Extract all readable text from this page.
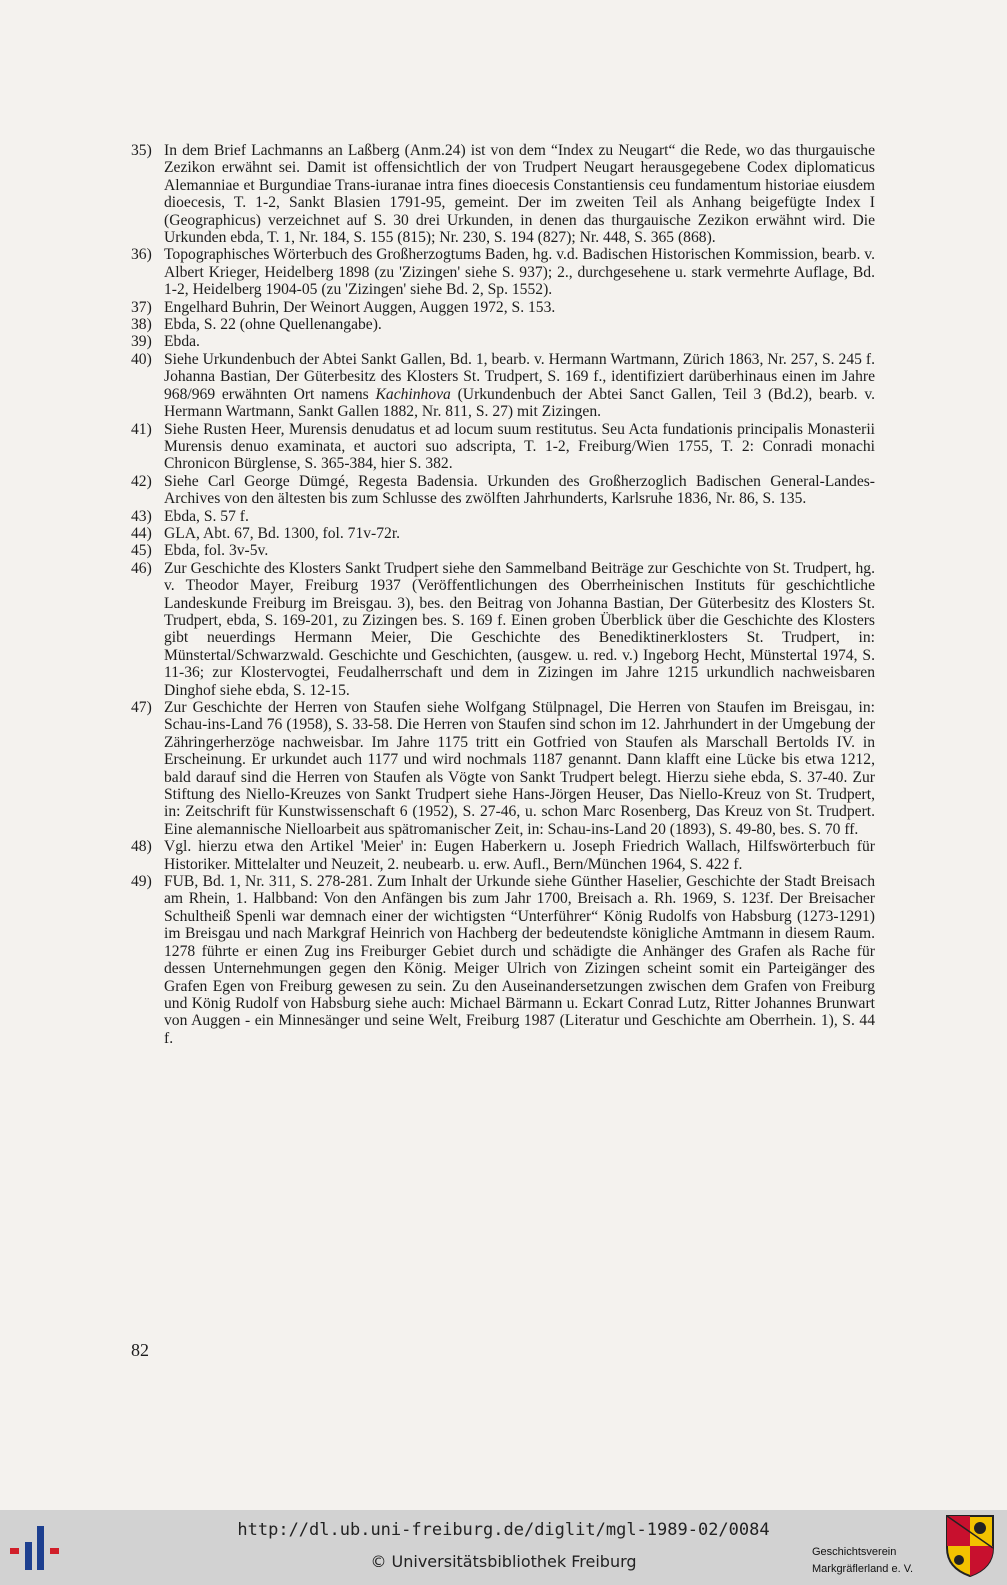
35) In dem Brief Lachmanns an Laßberg (Anm.24) ist von dem “Index zu Neugart“ die Rede, wo das thurgauische Zezikon erwähnt sei. Damit ist offensichtlich der von Trudpert Neugart herausgegebene Codex diplomaticus Alemanniae et Burgundiae Trans-iuranae intra fines dioecesis Constantiensis ceu fundamentum historiae eiusdem dioecesis, T. 1-2, Sankt Blasien 1791-95, gemeint. Der im zweiten Teil als Anhang beigefügte Index I (Geographicus) verzeichnet auf S. 30 drei Urkunden, in denen das thurgauische Zezikon erwähnt wird. Die Urkunden ebda, T. 1, Nr. 184, S. 155 (815); Nr. 230, S. 194 (827); Nr. 448, S. 365 (868).
36) Topographisches Wörterbuch des Großherzogtums Baden, hg. v.d. Badischen Historischen Kommission, bearb. v. Albert Krieger, Heidelberg 1898 (zu 'Zizingen' siehe S. 937); 2., durchgesehene u. stark vermehrte Auflage, Bd. 1-2, Heidelberg 1904-05 (zu 'Zizingen' siehe Bd. 2, Sp. 1552).
37) Engelhard Buhrin, Der Weinort Auggen, Auggen 1972, S. 153.
38) Ebda, S. 22 (ohne Quellenangabe).
39) Ebda.
40) Siehe Urkundenbuch der Abtei Sankt Gallen, Bd. 1, bearb. v. Hermann Wartmann, Zürich 1863, Nr. 257, S. 245 f. Johanna Bastian, Der Güterbesitz des Klosters St. Trudpert, S. 169 f., identifiziert darüberhinaus einen im Jahre 968/969 erwähnten Ort namens Kachinhova (Urkundenbuch der Abtei Sanct Gallen, Teil 3 (Bd.2), bearb. v. Hermann Wartmann, Sankt Gallen 1882, Nr. 811, S. 27) mit Zizingen.
41) Siehe Rusten Heer, Murensis denudatus et ad locum suum restitutus. Seu Acta fundationis principalis Monasterii Murensis denuo examinata, et auctori suo adscripta, T. 1-2, Freiburg/Wien 1755, T. 2: Conradi monachi Chronicon Bürglense, S. 365-384, hier S. 382.
42) Siehe Carl George Dümgé, Regesta Badensia. Urkunden des Großherzoglich Badischen General-Landes-Archives von den ältesten bis zum Schlusse des zwölften Jahrhunderts, Karlsruhe 1836, Nr. 86, S. 135.
43) Ebda, S. 57 f.
44) GLA, Abt. 67, Bd. 1300, fol. 71v-72r.
45) Ebda, fol. 3v-5v.
46) Zur Geschichte des Klosters Sankt Trudpert siehe den Sammelband Beiträge zur Geschichte von St. Trudpert, hg. v. Theodor Mayer, Freiburg 1937 (Veröffentlichungen des Oberrheinischen Instituts für geschichtliche Landeskunde Freiburg im Breisgau. 3), bes. den Beitrag von Johanna Bastian, Der Güterbesitz des Klosters St. Trudpert, ebda, S. 169-201, zu Zizingen bes. S. 169 f. Einen groben Überblick über die Geschichte des Klosters gibt neuerdings Hermann Meier, Die Geschichte des Benediktinerklosters St. Trudpert, in: Münstertal/Schwarzwald. Geschichte und Geschichten, (ausgew. u. red. v.) Ingeborg Hecht, Münstertal 1974, S. 11-36; zur Klostervogtei, Feudalherrschaft und dem in Zizingen im Jahre 1215 urkundlich nachweisbaren Dinghof siehe ebda, S. 12-15.
47) Zur Geschichte der Herren von Staufen siehe Wolfgang Stülpnagel, Die Herren von Staufen im Breisgau, in: Schau-ins-Land 76 (1958), S. 33-58. Die Herren von Staufen sind schon im 12. Jahrhundert in der Umgebung der Zähringerherzöge nachweisbar. Im Jahre 1175 tritt ein Gotfried von Staufen als Marschall Bertolds IV. in Erscheinung. Er urkundet auch 1177 und wird nochmals 1187 genannt. Dann klafft eine Lücke bis etwa 1212, bald darauf sind die Herren von Staufen als Vögte von Sankt Trudpert belegt. Hierzu siehe ebda, S. 37-40. Zur Stiftung des Niello-Kreuzes von Sankt Trudpert siehe Hans-Jörgen Heuser, Das Niello-Kreuz von St. Trudpert, in: Zeitschrift für Kunstwissenschaft 6 (1952), S. 27-46, u. schon Marc Rosenberg, Das Kreuz von St. Trudpert. Eine alemannische Nielloarbeit aus spätromanischer Zeit, in: Schau-ins-Land 20 (1893), S. 49-80, bes. S. 70 ff.
48) Vgl. hierzu etwa den Artikel 'Meier' in: Eugen Haberkern u. Joseph Friedrich Wallach, Hilfswörterbuch für Historiker. Mittelalter und Neuzeit, 2. neubearb. u. erw. Aufl., Bern/München 1964, S. 422 f.
49) FUB, Bd. 1, Nr. 311, S. 278-281. Zum Inhalt der Urkunde siehe Günther Haselier, Geschichte der Stadt Breisach am Rhein, 1. Halbband: Von den Anfängen bis zum Jahr 1700, Breisach a. Rh. 1969, S. 123f. Der Breisacher Schultheiß Spenli war demnach einer der wichtigsten “Unterführer“ König Rudolfs von Habsburg (1273-1291) im Breisgau und nach Markgraf Heinrich von Hachberg der bedeutendste königliche Amtmann in diesem Raum. 1278 führte er einen Zug ins Freiburger Gebiet durch und schädigte die Anhänger des Grafen als Rache für dessen Unternehmungen gegen den König. Meiger Ulrich von Zizingen scheint somit ein Parteigänger des Grafen Egen von Freiburg gewesen zu sein. Zu den Auseinandersetzungen zwischen dem Grafen von Freiburg und König Rudolf von Habsburg siehe auch: Michael Bärmann u. Eckart Conrad Lutz, Ritter Johannes Brunwart von Auggen - ein Minnesänger und seine Welt, Freiburg 1987 (Literatur und Geschichte am Oberrhein. 1), S. 44 f.
82
http://dl.ub.uni-freiburg.de/diglit/mgl-1989-02/0084
© Universitätsbibliothek Freiburg	Geschichtsverein
Markgräflerland e. V.
